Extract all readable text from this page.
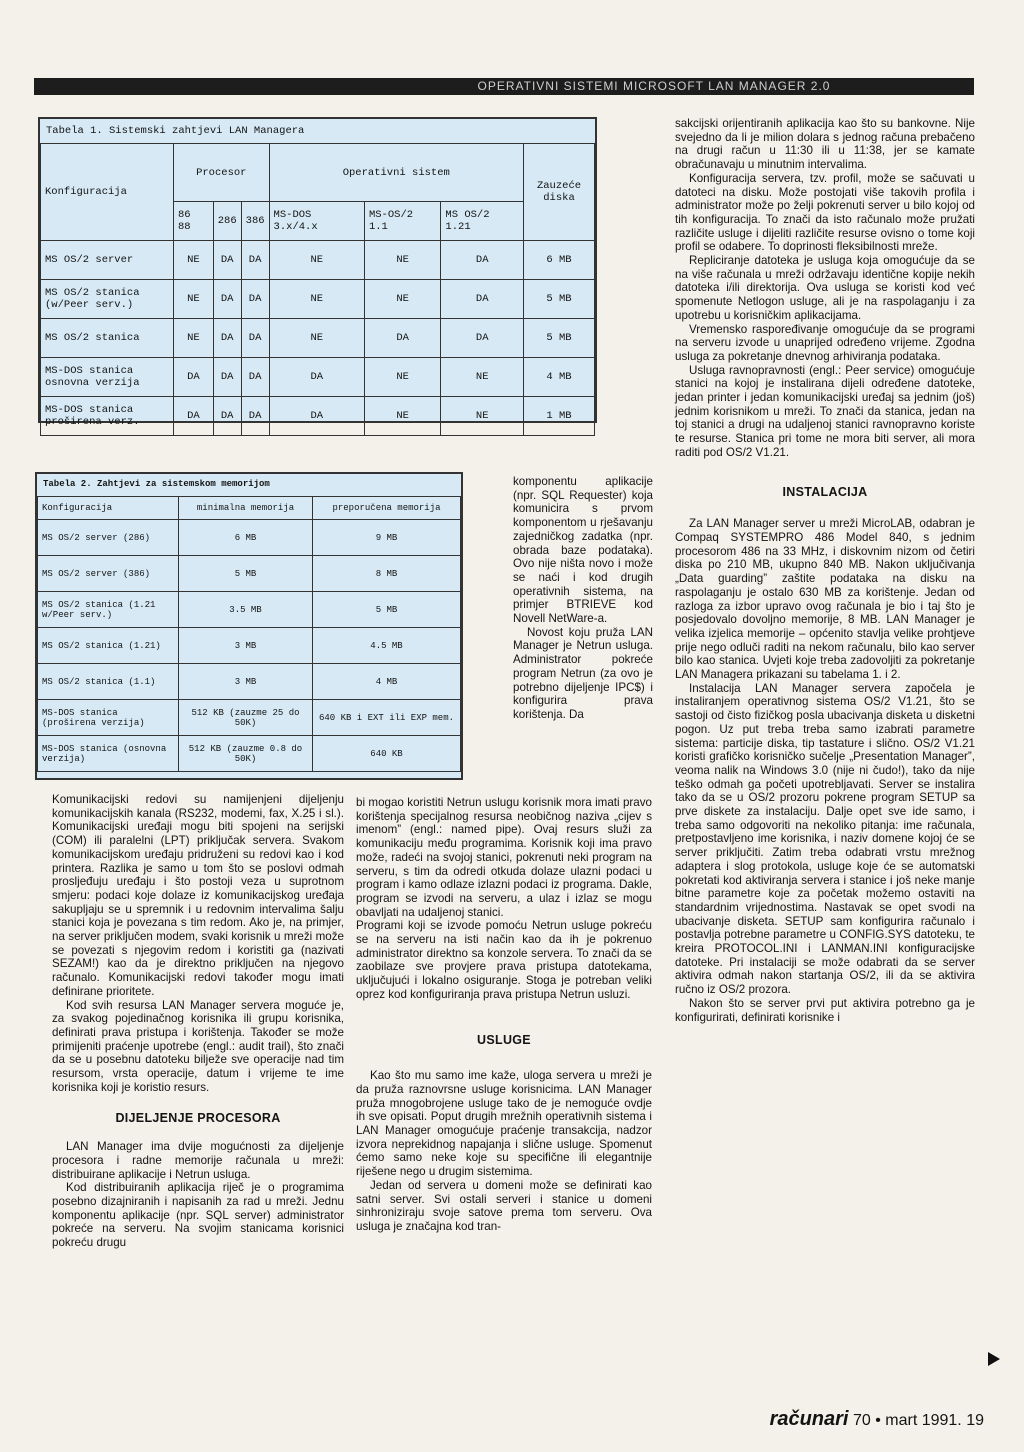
OPERATIVNI SISTEMI MICROSOFT LAN MANAGER 2.0
Tabela 1. Sistemski zahtjevi LAN Managera
Konfiguracija	Procesor			Operativni sistem			Zauzeće diska
	86 88	286	386	MS-DOS 3.x/4.x	MS-OS/2 1.1	MS OS/2 1.21	
MS OS/2 server	NE	DA	DA	NE	NE	DA	6 MB
MS OS/2 stanica (w/Peer serv.)	NE	DA	DA	NE	NE	DA	5 MB
MS OS/2 stanica	NE	DA	DA	NE	DA	DA	5 MB
MS-DOS stanica osnovna verzija	DA	DA	DA	DA	NE	NE	4 MB
MS-DOS stanica proširena verz.	DA	DA	DA	DA	NE	NE	1 MB
Tabela 2. Zahtjevi za sistemskom memorijom
Konfiguracija	minimalna memorija	preporučena memorija
MS OS/2 server (286)	6 MB	9 MB
MS OS/2 server (386)	5 MB	8 MB
MS OS/2 stanica (1.21 w/Peer serv.)	3.5 MB	5 MB
MS OS/2 stanica (1.21)	3 MB	4.5 MB
MS OS/2 stanica (1.1)	3 MB	4 MB
MS-DOS stanica (proširena verzija)	512 KB (zauzme 25 do 50K)	640 KB i EXT ili EXP mem.
MS-DOS stanica (osnovna verzija)	512 KB (zauzme 0.8 do 50K)	640 KB

Komunikacijski redovi su namijenjeni dijeljenju komunikacijskih kanala (RS232, modemi, fax, X.25 i sl.). Komunikacijski uređaji mogu biti spojeni na serijski (COM) ili paralelni (LPT) priključak servera. Svakom komunikacijskom uređaju pridruženi su redovi kao i kod printera. Razlika je samo u tom što se poslovi odmah prosljeđuju uređaju i što postoji veza u suprotnom smjeru: podaci koje dolaze iz komunikacijskog uređaja sakupljaju se u spremnik i u redovnim intervalima šalju stanici koja je povezana s tim redom. Ako je, na primjer, na server priključen modem, svaki korisnik u mreži može se povezati s njegovim redom i koristiti ga (nazivati SEZAM!) kao da je direktno priključen na njegovo računalo. Komunikacijski redovi također mogu imati definirane prioritete.

Kod svih resursa LAN Manager servera moguće je, za svakog pojedinačnog korisnika ili grupu korisnika, definirati prava pristupa i korištenja. Također se može primijeniti praćenje upotrebe (engl.: audit trail), što znači da se u posebnu datoteku bilježe sve operacije nad tim resursom, vrsta operacije, datum i vrijeme te ime korisnika koji je koristio resurs.

DIJELJENJE PROCESORA

LAN Manager ima dvije mogućnosti za dijeljenje procesora i radne memorije računala u mreži: distribuirane aplikacije i Netrun usluga.

Kod distribuiranih aplikacija riječ je o programima posebno dizajniranih i napisanih za rad u mreži. Jednu komponentu aplikacije (npr. SQL server) administrator pokreće na serveru. Na svojim stanicama korisnici pokreću drugu

komponentu aplikacije (npr. SQL Requester) koja komunicira s prvom komponentom u rješavanju zajedničkog zadatka (npr. obrada baze podataka). Ovo nije ništa novo i može se naći i kod drugih operativnih sistema, na primjer BTRIEVE kod Novell NetWare-a.

Novost koju pruža LAN Manager je Netrun usluga. Administrator pokreće program Netrun (za ovo je potrebno dijeljenje IPC$) i konfigurira prava korištenja. Da

bi mogao koristiti Netrun uslugu korisnik mora imati pravo korištenja specijalnog resursa neobičnog naziva „cijev s imenom” (engl.: named pipe). Ovaj resurs služi za komunikaciju među programima. Korisnik koji ima pravo može, radeći na svojoj stanici, pokrenuti neki program na serveru, s tim da odredi otkuda dolaze ulazni podaci u program i kamo odlaze izlazni podaci iz programa. Dakle, program se izvodi na serveru, a ulaz i izlaz se mogu obavljati na udaljenoj stanici.

Programi koji se izvode pomoću Netrun usluge pokreću se na serveru na isti način kao da ih je pokrenuo administrator direktno sa konzole servera. To znači da se zaobilaze sve provjere prava pristupa datotekama, uključujući i lokalno osiguranje. Stoga je potreban veliki oprez kod konfiguriranja prava pristupa Netrun usluzi.

USLUGE

Kao što mu samo ime kaže, uloga servera u mreži je da pruža raznovrsne usluge korisnicima. LAN Manager pruža mnogobrojene usluge tako de je nemoguće ovdje ih sve opisati. Poput drugih mrežnih operativnih sistema i LAN Manager omogućuje praćenje transakcija, nadzor izvora neprekidnog napajanja i slične usluge. Spomenut ćemo samo neke koje su specifične ili elegantnije riješene nego u drugim sistemima.

Jedan od servera u domeni može se definirati kao satni server. Svi ostali serveri i stanice u domeni sinhroniziraju svoje satove prema tom serveru. Ova usluga je značajna kod tran-

sakcijski orijentiranih aplikacija kao što su bankovne. Nije svejedno da li je milion dolara s jednog računa prebačeno na drugi račun u 11:30 ili u 11:38, jer se kamate obračunavaju u minutnim intervalima.

Konfiguracija servera, tzv. profil, može se sačuvati u datoteci na disku. Može postojati više takovih profila i administrator može po želji pokrenuti server u bilo kojoj od tih konfiguracija. To znači da isto računalo može pružati različite usluge i dijeliti različite resurse ovisno o tome koji profil se odabere. To doprinosti fleksibilnosti mreže.

Repliciranje datoteka je usluga koja omogućuje da se na više računala u mreži održavaju identične kopije nekih datoteka i/ili direktorija. Ova usluga se koristi kod već spomenute Netlogon usluge, ali je na raspolaganju i za upotrebu u korisničkim aplikacijama.

Vremensko raspoređivanje omogućuje da se programi na serveru izvode u unaprijed određeno vrijeme. Zgodna usluga za pokretanje dnevnog arhiviranja podataka.

Usluga ravnopravnosti (engl.: Peer service) omogućuje stanici na kojoj je instalirana dijeli određene datoteke, jedan printer i jedan komunikacijski uređaj sa jednim (još) jednim korisnikom u mreži. To znači da stanica, jedan na toj stanici a drugi na udaljenoj stanici ravnopravno koriste te resurse. Stanica pri tome ne mora biti server, ali mora raditi pod OS/2 V1.21.

INSTALACIJA

Za LAN Manager server u mreži MicroLAB, odabran je Compaq SYSTEMPRO 486 Model 840, s jednim procesorom 486 na 33 MHz, i diskovnim nizom od četiri diska po 210 MB, ukupno 840 MB. Nakon uključivanja „Data guarding” zaštite podataka na disku na raspolaganju je ostalo 630 MB za korištenje. Jedan od razloga za izbor upravo ovog računala je bio i taj što je posjedovalo dovoljno memorije, 8 MB. LAN Manager je velika izjelica memorije – općenito stavlja velike prohtjeve prije nego odluči raditi na nekom računalu, bilo kao server bilo kao stanica. Uvjeti koje treba zadovoljiti za pokretanje LAN Managera prikazani su tabelama 1. i 2.

Instalacija LAN Manager servera započela je instaliranjem operativnog sistema OS/2 V1.21, što se sastoji od čisto fizičkog posla ubacivanja disketa u disketni pogon. Uz put treba treba samo izabrati parametre sistema: particije diska, tip tastature i slično. OS/2 V1.21 koristi grafičko korisničko sučelje „Presentation Manager”, veoma nalik na Windows 3.0 (nije ni čudo!), tako da nije teško odmah ga početi upotrebljavati. Server se instalira tako da se u OS/2 prozoru pokrene program SETUP sa prve diskete za instalaciju. Dalje opet sve ide samo, i treba samo odgovoriti na nekoliko pitanja: ime računala, pretpostavljeno ime korisnika, i naziv domene kojoj će se server priključiti. Zatim treba odabrati vrstu mrežnog adaptera i slog protokola, usluge koje će se automatski pokretati kod aktiviranja servera i stanice i još neke manje bitne parametre koje za početak možemo ostaviti na standardnim vrijednostima. Nastavak se opet svodi na ubacivanje disketa. SETUP sam konfigurira računalo i postavlja potrebne parametre u CONFIG.SYS datoteku, te kreira PROTOCOL.INI i LANMAN.INI konfiguracijske datoteke. Pri instalaciji se može odabrati da se server aktivira odmah nakon startanja OS/2, ili da se aktivira ručno iz OS/2 prozora.

Nakon što se server prvi put aktivira potrebno ga je konfigurirati, definirati korisnike i

računari 70 • mart 1991. 19
